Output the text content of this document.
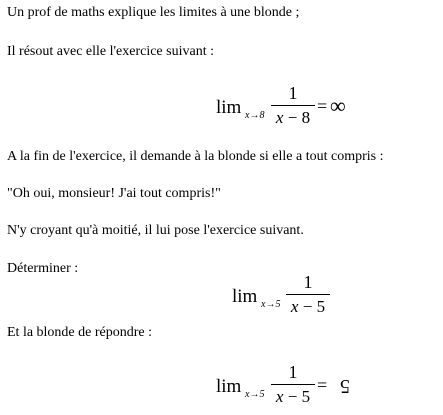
Un prof de maths explique les limites à une blonde ;
Il résout avec elle l'exercice suivant :
lim x→8
1
x − 8
= ∞
A la fin de l'exercice, il demande à la blonde si elle a tout compris :
"Oh oui, monsieur! J'ai tout compris!"
N'y croyant qu'à moitié, il lui pose l'exercice suivant.
Déterminer :
lim x→5
1
x − 5
Et la blonde de répondre :
lim x→5
1
x − 5
= 5
